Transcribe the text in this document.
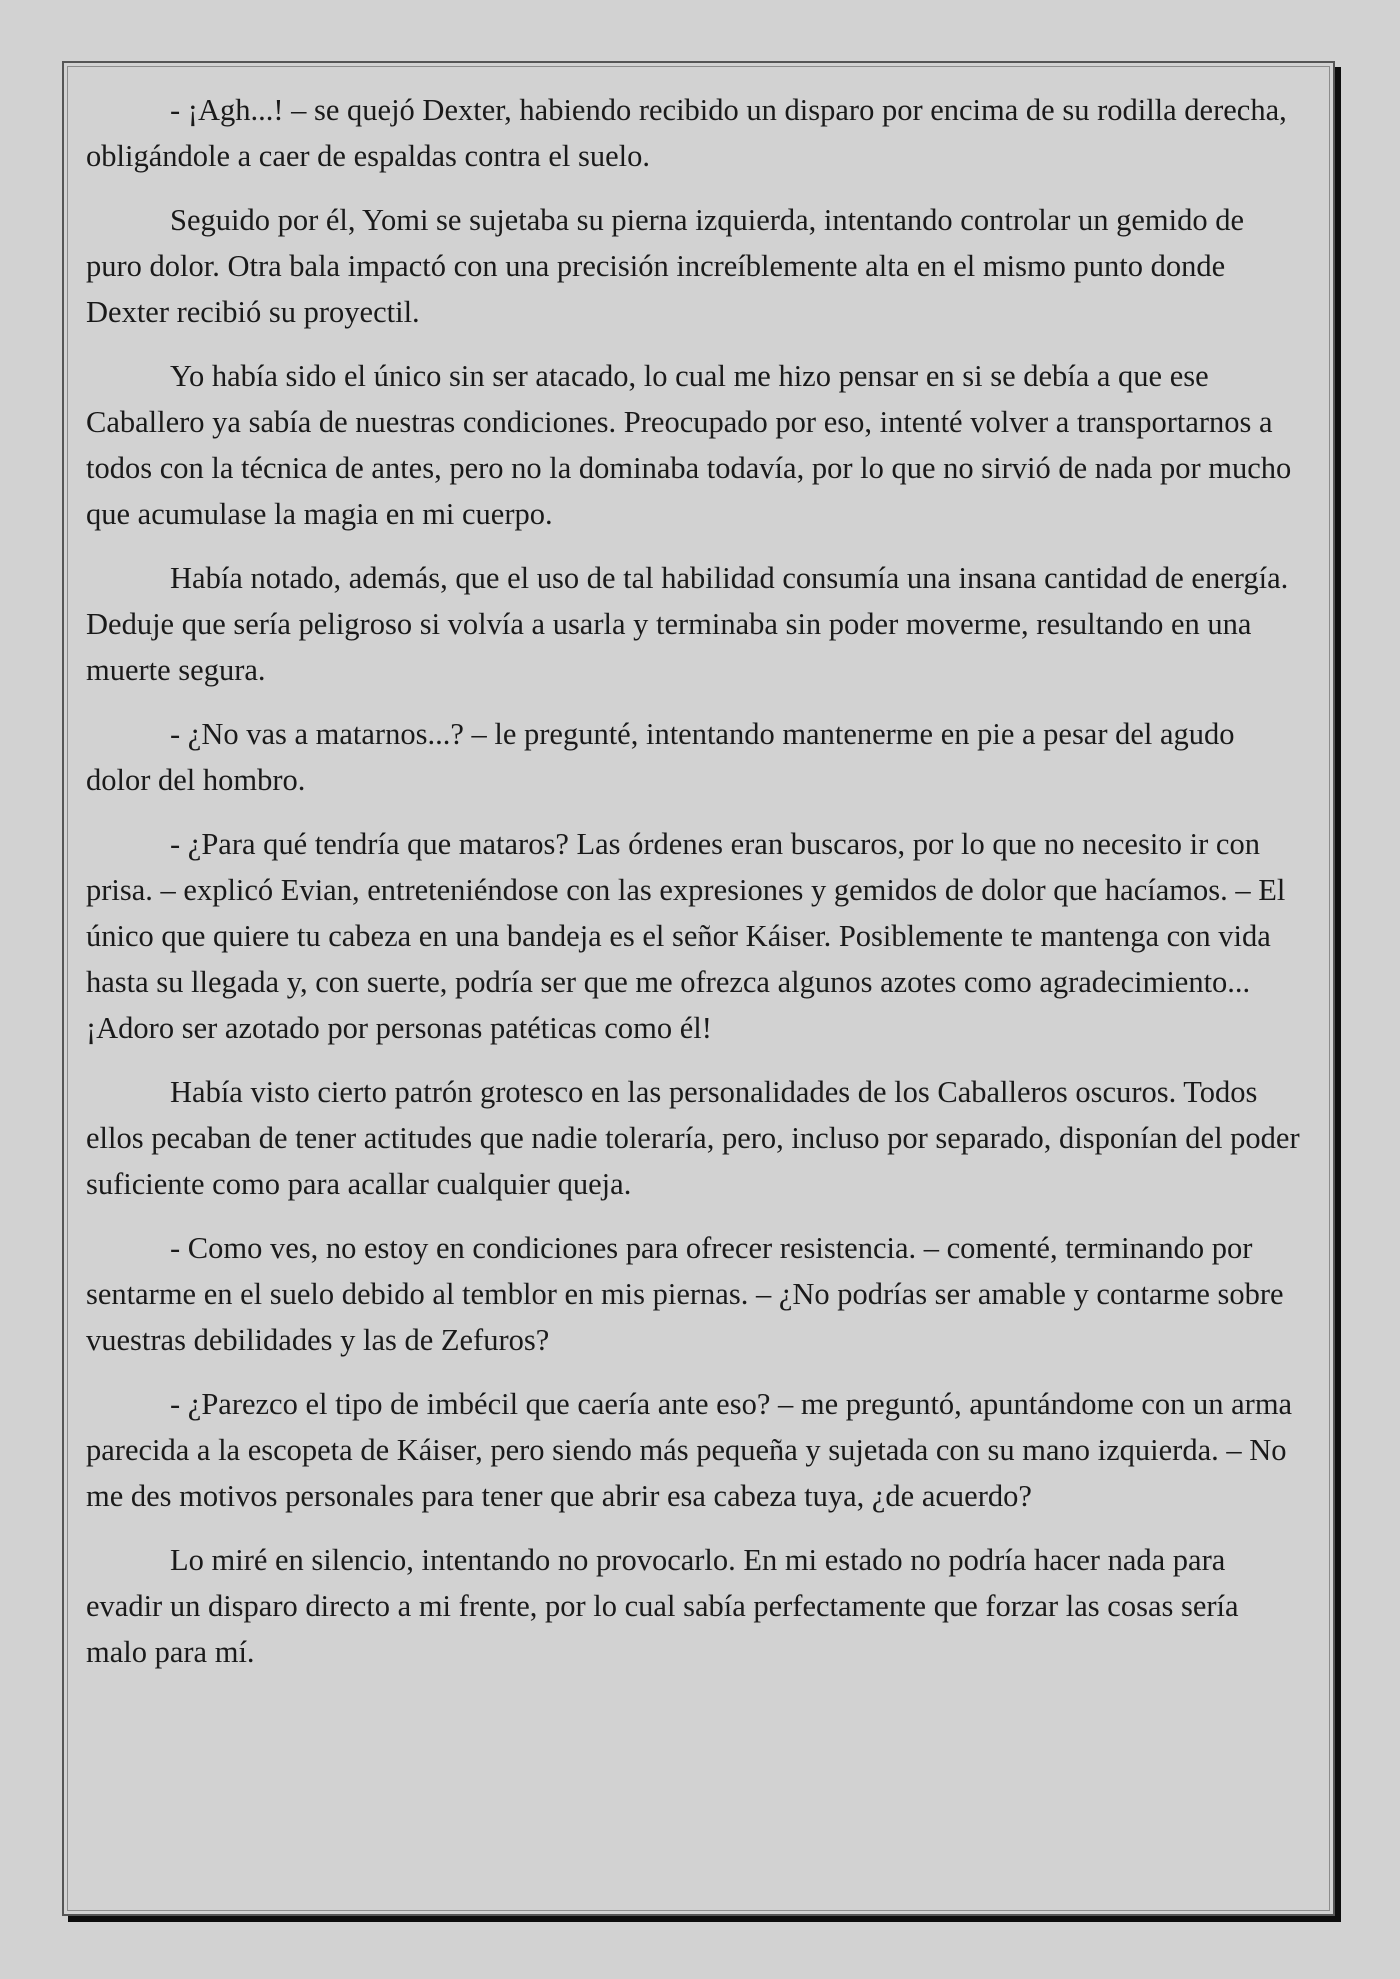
- ¡Agh...! – se quejó Dexter, habiendo recibido un disparo por encima de su rodilla derecha, obligándole a caer de espaldas contra el suelo.

Seguido por él, Yomi se sujetaba su pierna izquierda, intentando controlar un gemido de puro dolor. Otra bala impactó con una precisión increíblemente alta en el mismo punto donde Dexter recibió su proyectil.

Yo había sido el único sin ser atacado, lo cual me hizo pensar en si se debía a que ese Caballero ya sabía de nuestras condiciones. Preocupado por eso, intenté volver a transportarnos a todos con la técnica de antes, pero no la dominaba todavía, por lo que no sirvió de nada por mucho que acumulase la magia en mi cuerpo.

Había notado, además, que el uso de tal habilidad consumía una insana cantidad de energía. Deduje que sería peligroso si volvía a usarla y terminaba sin poder moverme, resultando en una muerte segura.

- ¿No vas a matarnos...? – le pregunté, intentando mantenerme en pie a pesar del agudo dolor del hombro.

- ¿Para qué tendría que mataros? Las órdenes eran buscaros, por lo que no necesito ir con prisa. – explicó Evian, entreteniéndose con las expresiones y gemidos de dolor que hacíamos. – El único que quiere tu cabeza en una bandeja es el señor Káiser. Posiblemente te mantenga con vida hasta su llegada y, con suerte, podría ser que me ofrezca algunos azotes como agradecimiento... ¡Adoro ser azotado por personas patéticas como él!

Había visto cierto patrón grotesco en las personalidades de los Caballeros oscuros. Todos ellos pecaban de tener actitudes que nadie toleraría, pero, incluso por separado, disponían del poder suficiente como para acallar cualquier queja.

- Como ves, no estoy en condiciones para ofrecer resistencia. – comenté, terminando por sentarme en el suelo debido al temblor en mis piernas. – ¿No podrías ser amable y contarme sobre vuestras debilidades y las de Zefuros?

- ¿Parezco el tipo de imbécil que caería ante eso? – me preguntó, apuntándome con un arma parecida a la escopeta de Káiser, pero siendo más pequeña y sujetada con su mano izquierda. – No me des motivos personales para tener que abrir esa cabeza tuya, ¿de acuerdo?

Lo miré en silencio, intentando no provocarlo. En mi estado no podría hacer nada para evadir un disparo directo a mi frente, por lo cual sabía perfectamente que forzar las cosas sería malo para mí.
